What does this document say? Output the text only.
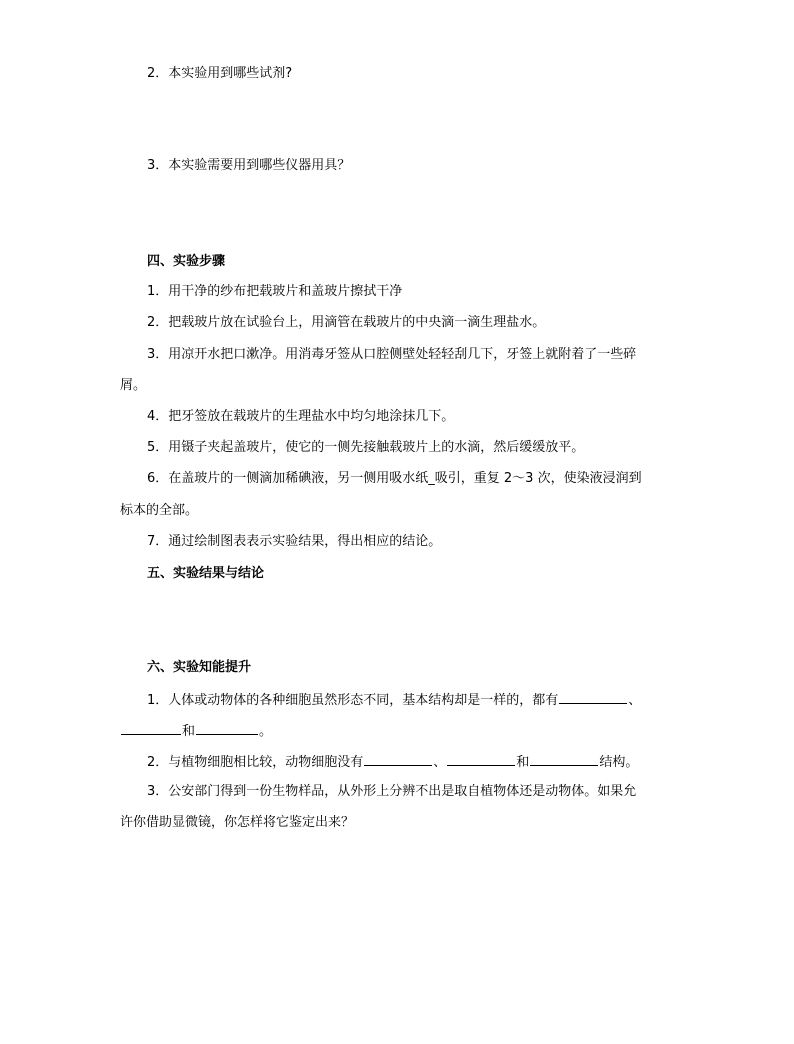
2．本实验用到哪些试剂?
3．本实验需要用到哪些仪器用具？
四、实验步骤
1．用干净的纱布把载玻片和盖玻片擦拭干净
2．把载玻片放在试验台上，用滴管在载玻片的中央滴一滴生理盐水。
3．用凉开水把口漱净。用消毒牙签从口腔侧壁处轻轻刮几下，牙签上就附着了一些碎
屑。
4．把牙签放在载玻片的生理盐水中均匀地涂抹几下。
5．用镊子夹起盖玻片，使它的一侧先接触载玻片上的水滴，然后缓缓放平。
6．在盖玻片的一侧滴加稀碘液，另一侧用吸水纸_吸引，重复 2～3 次，使染液浸润到
标本的全部。
7．通过绘制图表表示实验结果，得出相应的结论。
五、实验结果与结论
六、实验知能提升
1．人体或动物体的各种细胞虽然形态不同，基本结构却是一样的，都有	、
和	。
2．与植物细胞相比较，动物细胞没有	、	和	结构。
3．公安部门得到一份生物样品，从外形上分辨不出是取自植物体还是动物体。如果允
许你借助显微镜，你怎样将它鉴定出来？
